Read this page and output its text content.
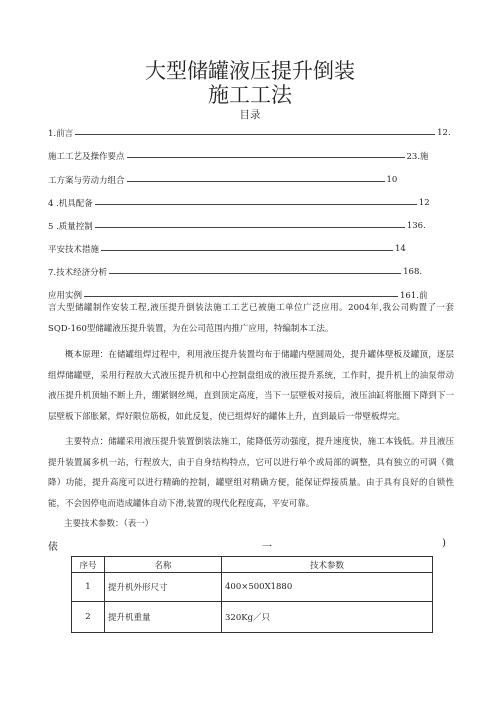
大型储罐液压提升倒装
施工工法
目录
1.前言	12.
施工工艺及操作要点	23.施
工方案与劳动力组合	10
4 .机具配备	12
5 .质量控制	136.
平安技术措施	14
7.技术经济分析	168.
应用实例	161.前

言大型储罐制作安装工程,液压提升倒装法施工工艺已被施工单位广泛应用。2004年,我公司购置了一套SQD-160型储罐液压提升装置，为在公司范围内推广应用，特编制本工法。

概本原理：在储罐组焊过程中，利用液压提升装置均布于储罐内壁圆周处，提升罐体壁板及罐顶，逐层组焊储罐壁，采用行程放大式液压提升机和中心控制盘组成的液压提升系统，工作时，提升机上的油泵带动液压提升机顶轴不断上升，绷紧钢丝绳，直到顶定高度，当下一层壁板对接后，液压油缸将胀圈下降到下一层壁板下部胀紧，焊好限位筋板，如此反复，使已组焊好的罐体上升，直到最后一带壁板焊完。

主要特点：储罐采用液压提升装置倒装法施工，能降低劳动强度，提升速度快，施工本钱低。并且液压提升装置属多机一站，行程放大，由于自身结构特点，它可以进行单个或局部的调整，具有独立的可调（微降）功能，提升高度可以进行精确的控制，罐壁组对精确方便，能保证焊接质量。由于具有良好的自锁性能，不会因停电而造成罐体自动下滑,装置的现代化程度高，平安可靠。

主要技术参数：（表一）
俵	一	)
序号	名称	技术参数
1	提升机外形尺寸	400×500X1880
2	提升机重量	320Kg／只
